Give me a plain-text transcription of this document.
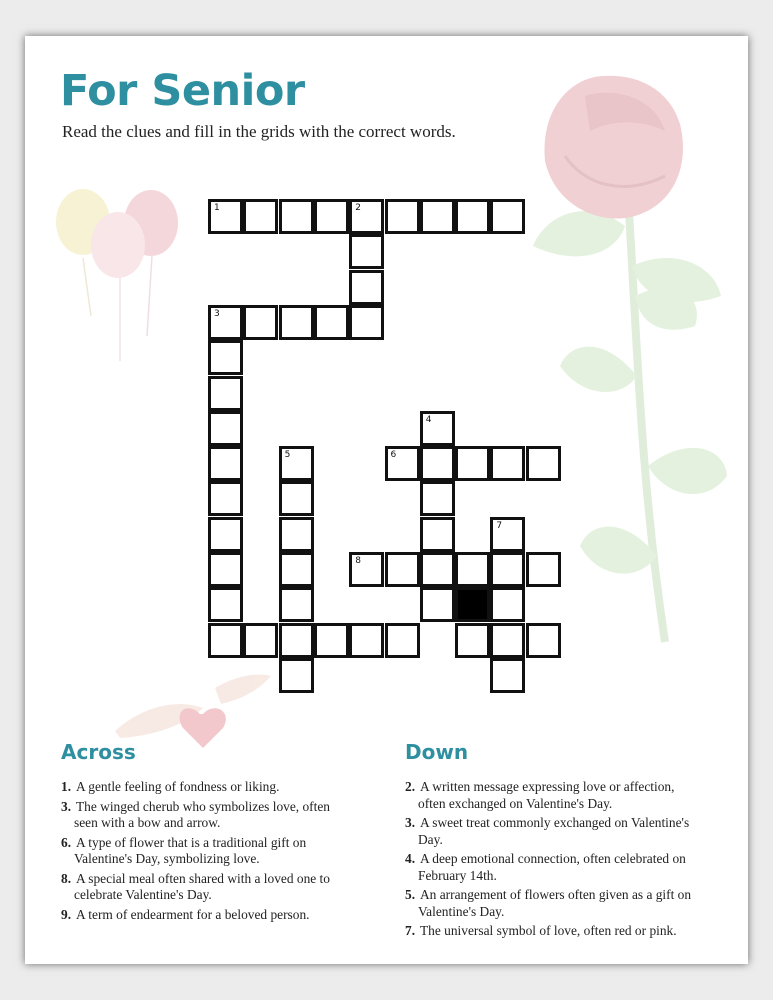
For Senior

Read the clues and fill in the grids with the correct words.

1	2
3
4
5	6
7
8
Across
1. A gentle feeling of fondness or liking.
3. The winged cherub who symbolizes love, often seen with a bow and arrow.
6. A type of flower that is a traditional gift on Valentine's Day, symbolizing love.
8. A special meal often shared with a loved one to celebrate Valentine's Day.
9. A term of endearment for a beloved person.
Down
2. A written message expressing love or affection, often exchanged on Valentine's Day.
3. A sweet treat commonly exchanged on Valentine's Day.
4. A deep emotional connection, often celebrated on February 14th.
5. An arrangement of flowers often given as a gift on Valentine's Day.
7. The universal symbol of love, often red or pink.
